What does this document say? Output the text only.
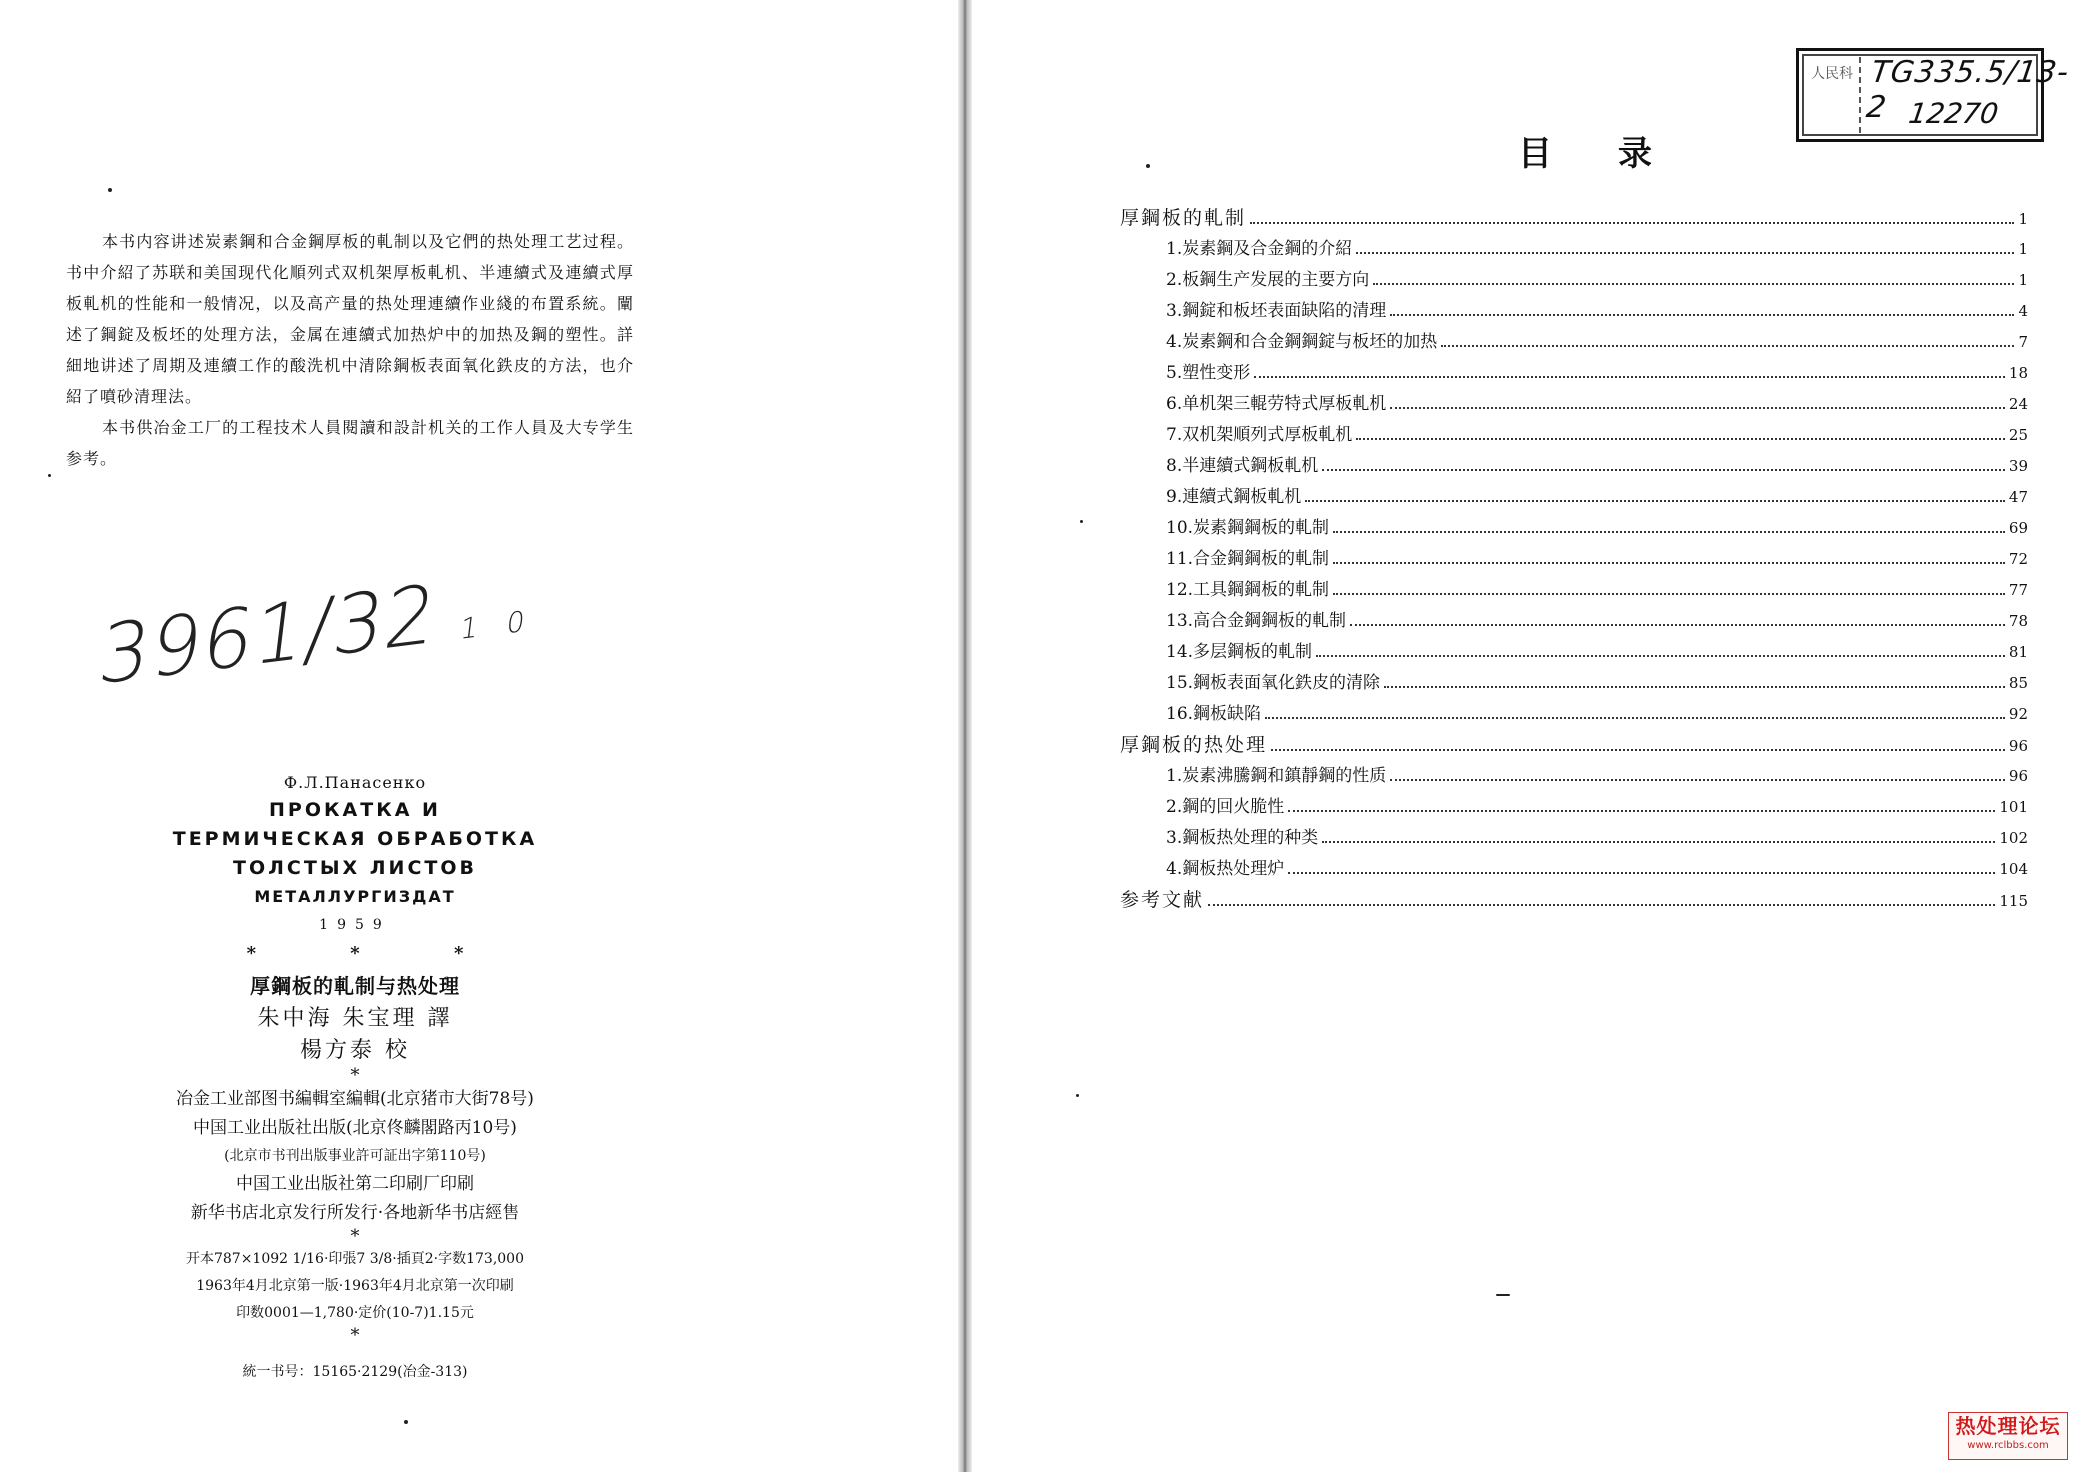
本书内容讲述炭素鋼和合金鋼厚板的軋制以及它們的热处理工艺过程。书中介紹了苏联和美国现代化順列式双机架厚板軋机、半連續式及連續式厚板軋机的性能和一般情况，以及高产量的热处理連續作业綫的布置系統。闡述了鋼錠及板坯的处理方法，金属在連續式加热炉中的加热及鋼的塑性。詳細地讲述了周期及連續工作的酸洗机中清除鋼板表面氧化鉄皮的方法，也介紹了噴砂清理法。

本书供冶金工厂的工程技术人員閱讀和設計机关的工作人員及大专学生参考。

3961/32 1 0
Ф.Л.Панасенко
ПРОКАТКА И
ТЕРМИЧЕСКАЯ ОБРАБОТКА
ТОЛСТЫХ ЛИСТОВ
МЕТАЛЛУРГИЗДАТ
1959
* * *
厚鋼板的軋制与热处理
朱中海 朱宝理 譯
楊方泰 校
*
冶金工业部图书編輯室編輯(北京猪市大街78号)
中国工业出版社出版(北京佟麟閣路丙10号)
(北京市书刊出版事业許可証出字第110号)
中国工业出版社第二印刷厂印刷
新华书店北京发行所发行·各地新华书店經售
*
开本787×1092 1/16·印張7 3/8·插頁2·字数173,000
1963年4月北京第一版·1963年4月北京第一次印刷
印数0001—1,780·定价(10-7)1.15元
*
統一书号：15165·2129(冶金-313)
人民科 TG335.5/13-2 12270
目录
厚鋼板的軋制	1
1.炭素鋼及合金鋼的介紹	1
2.板鋼生产发展的主要方向	1
3.鋼錠和板坯表面缺陷的清理	4
4.炭素鋼和合金鋼鋼錠与板坯的加热	7
5.塑性变形	18
6.单机架三輥劳特式厚板軋机	24
7.双机架順列式厚板軋机	25
8.半連續式鋼板軋机	39
9.連續式鋼板軋机	47
10.炭素鋼鋼板的軋制	69
11.合金鋼鋼板的軋制	72
12.工具鋼鋼板的軋制	77
13.高合金鋼鋼板的軋制	78
14.多层鋼板的軋制	81
15.鋼板表面氧化鉄皮的清除	85
16.鋼板缺陷	92
厚鋼板的热处理	96
1.炭素沸騰鋼和鎮靜鋼的性质	96
2.鋼的回火脆性	101
3.鋼板热处理的种类	102
4.鋼板热处理炉	104
参考文献	115
热处理论坛
www.rclbbs.com
